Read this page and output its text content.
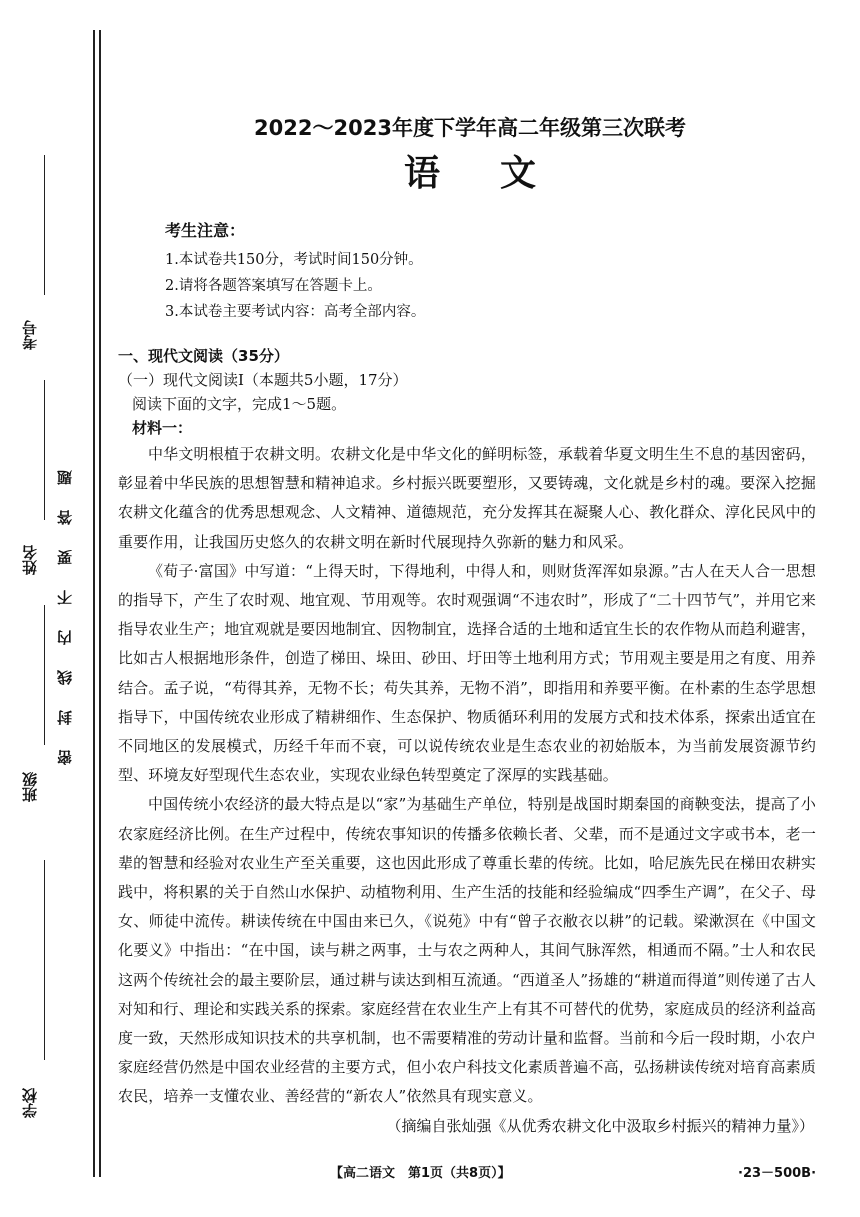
考号
姓名
班级
学校
密封线内不要答题
2022～2023年度下学年高二年级第三次联考
语文
考生注意：
1.本试卷共150分，考试时间150分钟。
2.请将各题答案填写在答题卡上。
3.本试卷主要考试内容：高考全部内容。
一、现代文阅读（35分）
（一）现代文阅读Ⅰ（本题共5小题，17分）
阅读下面的文字，完成1～5题。
材料一：

中华文明根植于农耕文明。农耕文化是中华文化的鲜明标签，承载着华夏文明生生不息的基因密码，彰显着中华民族的思想智慧和精神追求。乡村振兴既要塑形，又要铸魂，文化就是乡村的魂。要深入挖掘农耕文化蕴含的优秀思想观念、人文精神、道德规范，充分发挥其在凝聚人心、教化群众、淳化民风中的重要作用，让我国历史悠久的农耕文明在新时代展现持久弥新的魅力和风采。

《荀子·富国》中写道：“上得天时，下得地利，中得人和，则财货浑浑如泉源。”古人在天人合一思想的指导下，产生了农时观、地宜观、节用观等。农时观强调“不违农时”，形成了“二十四节气”，并用它来指导农业生产；地宜观就是要因地制宜、因物制宜，选择合适的土地和适宜生长的农作物从而趋利避害，比如古人根据地形条件，创造了梯田、垛田、砂田、圩田等土地利用方式；节用观主要是用之有度、用养结合。孟子说，“苟得其养，无物不长；苟失其养，无物不消”，即指用和养要平衡。在朴素的生态学思想指导下，中国传统农业形成了精耕细作、生态保护、物质循环利用的发展方式和技术体系，探索出适宜在不同地区的发展模式，历经千年而不衰，可以说传统农业是生态农业的初始版本，为当前发展资源节约型、环境友好型现代生态农业，实现农业绿色转型奠定了深厚的实践基础。

中国传统小农经济的最大特点是以“家”为基础生产单位，特别是战国时期秦国的商鞅变法，提高了小农家庭经济比例。在生产过程中，传统农事知识的传播多依赖长者、父辈，而不是通过文字或书本，老一辈的智慧和经验对农业生产至关重要，这也因此形成了尊重长辈的传统。比如，哈尼族先民在梯田农耕实践中，将积累的关于自然山水保护、动植物利用、生产生活的技能和经验编成“四季生产调”，在父子、母女、师徒中流传。耕读传统在中国由来已久，《说苑》中有“曾子衣敝衣以耕”的记载。梁漱溟在《中国文化要义》中指出：“在中国，读与耕之两事，士与农之两种人，其间气脉浑然，相通而不隔。”士人和农民这两个传统社会的最主要阶层，通过耕与读达到相互流通。“西道圣人”扬雄的“耕道而得道”则传递了古人对知和行、理论和实践关系的探索。家庭经营在农业生产上有其不可替代的优势，家庭成员的经济利益高度一致，天然形成知识技术的共享机制，也不需要精准的劳动计量和监督。当前和今后一段时期，小农户家庭经营仍然是中国农业经营的主要方式，但小农户科技文化素质普遍不高，弘扬耕读传统对培育高素质农民，培养一支懂农业、善经营的“新农人”依然具有现实意义。

（摘编自张灿强《从优秀农耕文化中汲取乡村振兴的精神力量》）
【高二语文　第1页（共8页）】	·23－500B·
